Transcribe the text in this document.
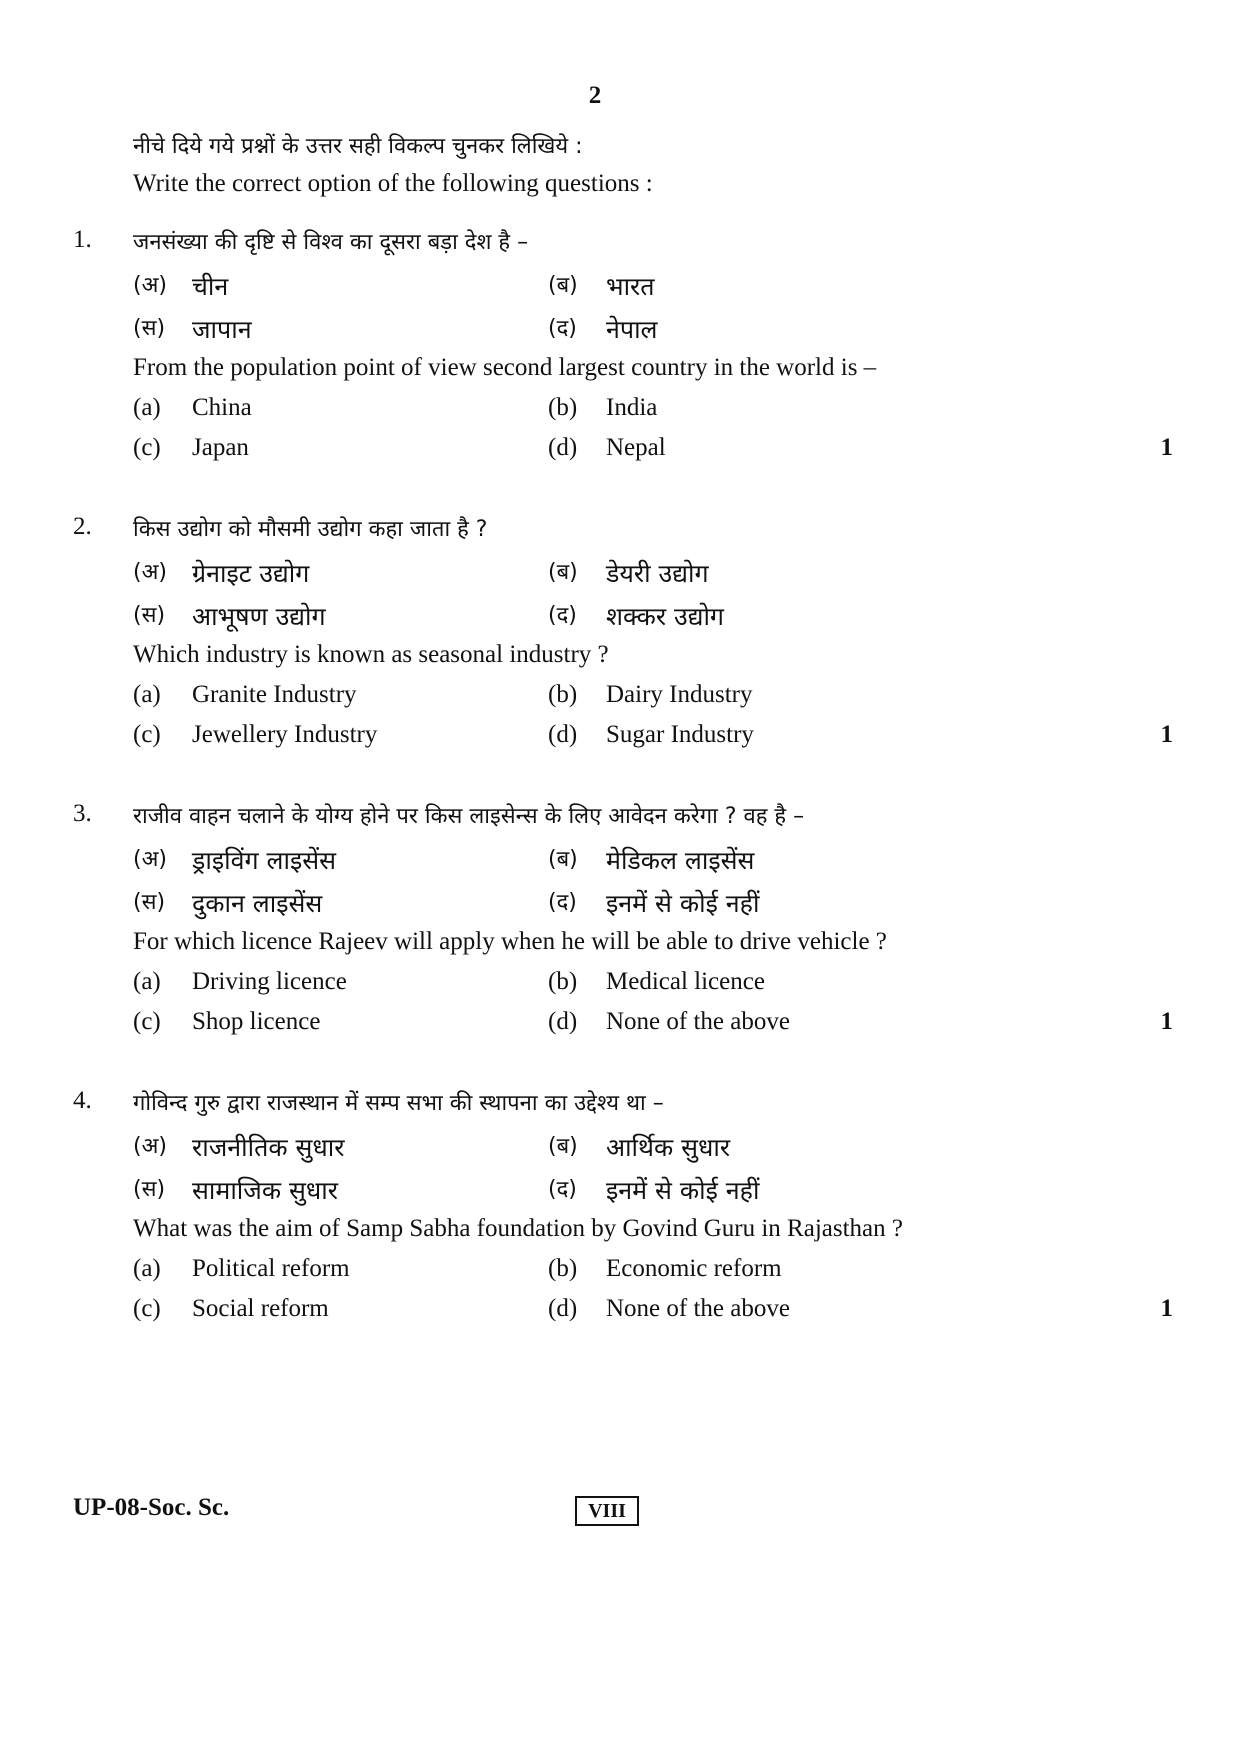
2
नीचे दिये गये प्रश्नों के उत्तर सही विकल्प चुनकर लिखिये :
Write the correct option of the following questions :
1. जनसंख्या की दृष्टि से विश्व का दूसरा बड़ा देश है –
(अ) चीन	(ब) भारत
(स) जापान	(द) नेपाल
From the population point of view second largest country in the world is –
(a) China	(b) India
(c) Japan	(d) Nepal	1
2. किस उद्योग को मौसमी उद्योग कहा जाता है ?
(अ) ग्रेनाइट उद्योग	(ब) डेयरी उद्योग
(स) आभूषण उद्योग	(द) शक्कर उद्योग
Which industry is known as seasonal industry ?
(a) Granite Industry	(b) Dairy Industry
(c) Jewellery Industry	(d) Sugar Industry	1
3. राजीव वाहन चलाने के योग्य होने पर किस लाइसेन्स के लिए आवेदन करेगा ? वह है –
(अ) ड्राइविंग लाइसेंस	(ब) मेडिकल लाइसेंस
(स) दुकान लाइसेंस	(द) इनमें से कोई नहीं
For which licence Rajeev will apply when he will be able to drive vehicle ?
(a) Driving licence	(b) Medical licence
(c) Shop licence	(d) None of the above	1
4. गोविन्द गुरु द्वारा राजस्थान में सम्प सभा की स्थापना का उद्देश्य था –
(अ) राजनीतिक सुधार	(ब) आर्थिक सुधार
(स) सामाजिक सुधार	(द) इनमें से कोई नहीं
What was the aim of Samp Sabha foundation by Govind Guru in Rajasthan ?
(a) Political reform	(b) Economic reform
(c) Social reform	(d) None of the above	1
UP-08-Soc. Sc.	VIII
